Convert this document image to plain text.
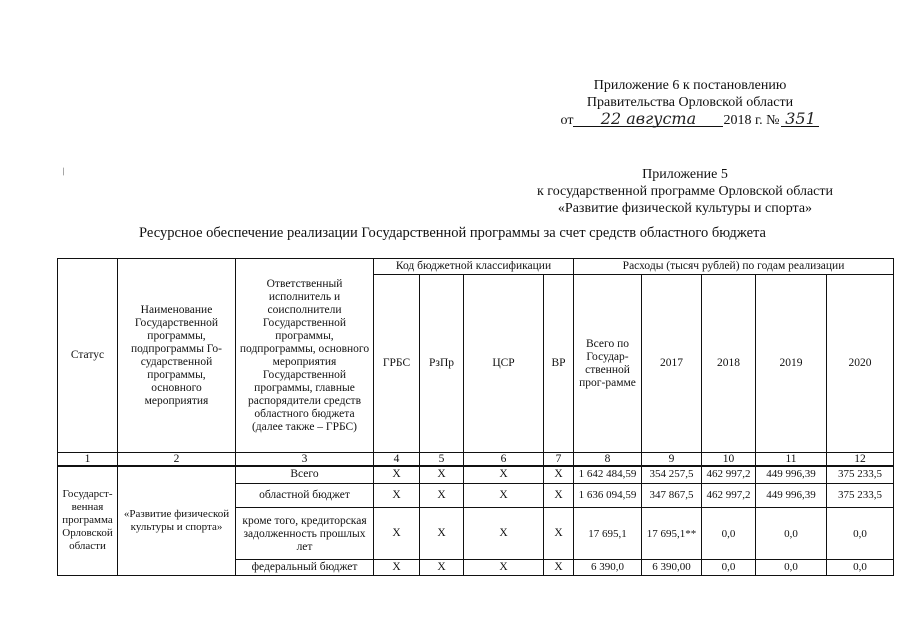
Приложение 6 к постановлению
Правительства Орловской области
от 22 августа 2018 г. № 351
/	Приложение 5
к государственной программе Орловской области
«Развитие физической культуры и спорта»
Ресурсное обеспечение реализации Государственной программы за счет средств областного бюджета
Статус	Наименование Государственной программы, подпрограммы Го-сударственной программы, основного мероприятия	Ответственный исполнитель и соисполнители Государственной программы, подпрограммы, основного мероприятия Государственной программы, главные распорядители средств областного бюджета (далее также – ГРБС)	Код бюджетной классификации				Расходы (тысяч рублей) по годам реализации				
			ГРБС	РзПр	ЦСР	ВР	Всего по Государ-ственной прог-рамме	2017	2018	2019	2020
1	2	3	4	5	6	7	8	9	10	11	12
Государст-венная программа Орловской области	«Развитие физической культуры и спорта»	Всего	X	X	X	X	1 642 484,59	354 257,5	462 997,2	449 996,39	375 233,5
		областной бюджет	X	X	X	X	1 636 094,59	347 867,5	462 997,2	449 996,39	375 233,5
		кроме того, кредиторская задолженность прошлых лет	X	X	X	X	17 695,1	17 695,1**	0,0	0,0	0,0
		федеральный бюджет	X	X	X	X	6 390,0	6 390,00	0,0	0,0	0,0
